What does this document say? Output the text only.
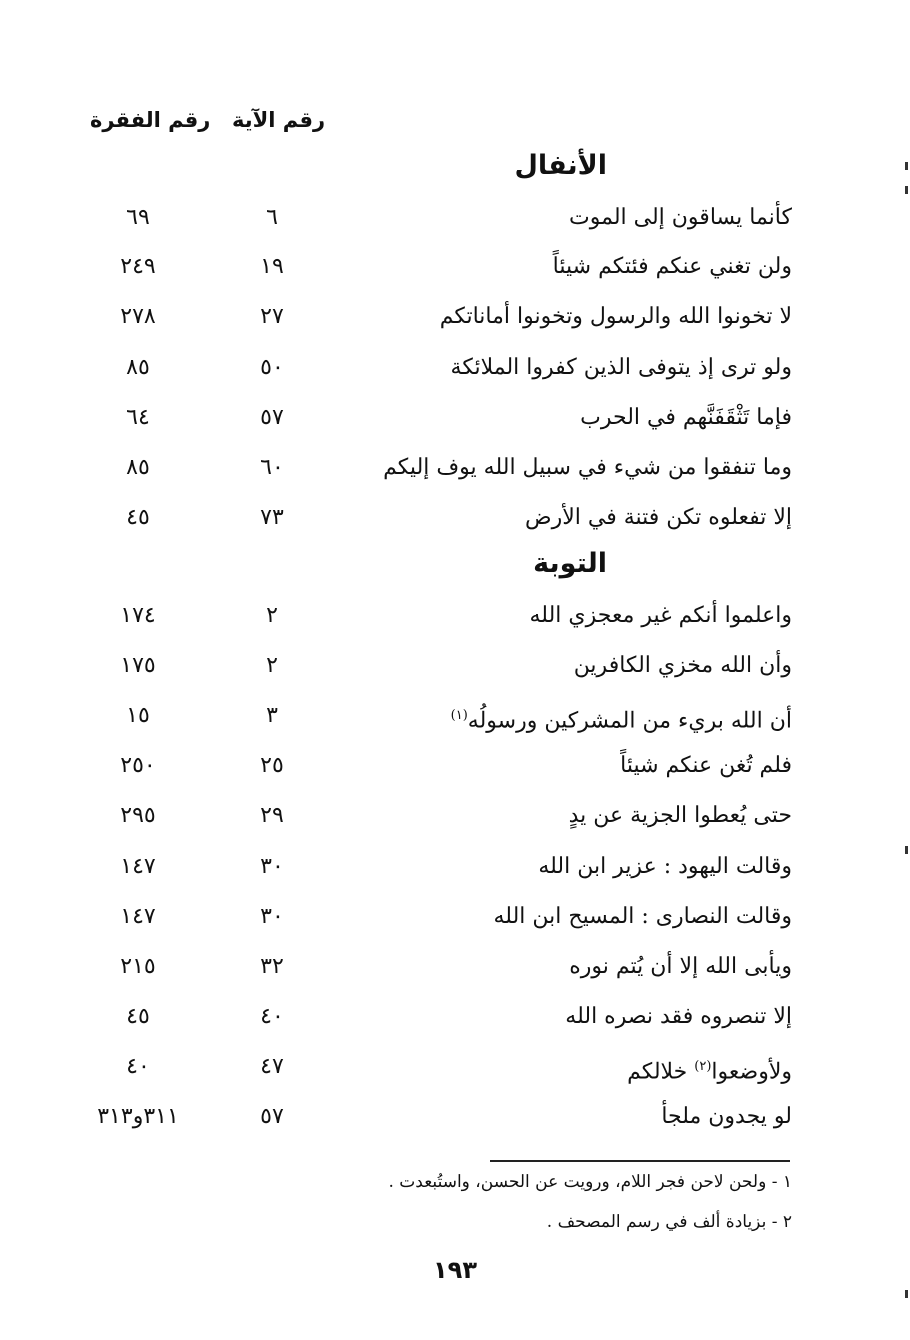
رقم الآية
رقم الفقرة
الأنفال
كأنما يساقون إلى الموت
٦
٦٩
ولن تغني عنكم فئتكم شيئاً
١٩
٢٤٩
لا تخونوا الله والرسول وتخونوا أماناتكم
٢٧
٢٧٨
ولو ترى إذ يتوفى الذين كفروا الملائكة
٥٠
٨٥
فإما تَثْقَفَنَّهم في الحرب
٥٧
٦٤
وما تنفقوا من شيء في سبيل الله يوف إليكم
٦٠
٨٥
إلا تفعلوه تكن فتنة في الأرض
٧٣
٤٥
التوبة
واعلموا أنكم غير معجزي الله
٢
١٧٤
وأن الله مخزي الكافرين
٢
١٧٥
أن الله بريء من المشركين ورسولُه$^{(١)}$
٣
١٥
فلم تُغن عنكم شيئاً
٢٥
٢٥٠
حتى يُعطوا الجزية عن يدٍ
٢٩
٢٩٥
وقالت اليهود : عزير ابن الله
٣٠
١٤٧
وقالت النصارى : المسيح ابن الله
٣٠
١٤٧
ويأبى الله إلا أن يُتم نوره
٣٢
٢١٥
إلا تنصروه فقد نصره الله
٤٠
٤٥
ولأوضعوا$^{(٢)}$ خلالكم
٤٧
٤٠
لو يجدون ملجأ
٥٧
٣١١و٣١٣
١ - ولحن لاحن فجر اللام، ورويت عن الحسن، واستُبعدت .
٢ - بزيادة ألف في رسم المصحف .
١٩٣
